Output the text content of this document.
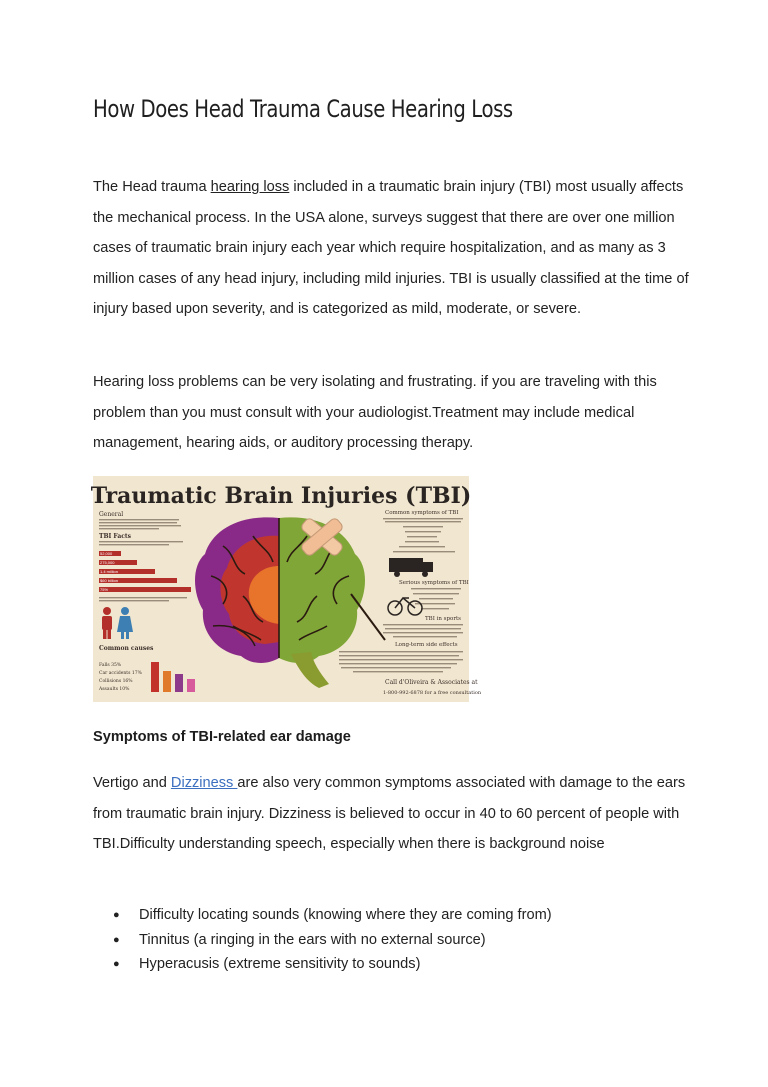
How Does Head Trauma Cause Hearing Loss
The Head trauma hearing loss included in a traumatic brain injury (TBI) most usually affects the mechanical process. In the USA alone, surveys suggest that there are over one million cases of traumatic brain injury each year which require hospitalization, and as many as 3 million cases of any head injury, including mild injuries. TBI is usually classified at the time of injury based upon severity, and is categorized as mild, moderate, or severe.
Hearing loss problems can be very isolating and frustrating. if you are traveling with this problem than you must consult with your audiologist.Treatment may include medical management, hearing aids, or auditory processing therapy.
Traumatic Brain Injuries (TBI)
General
TBI Facts
52,000
275,000
1.4 million
$60 billion
75%
Common causes
Falls 35%
Car accidents 17%
Collisions 16%
Assaults 10%
Common symptoms of TBI
Serious symptoms of TBI
TBI in sports
Long-term side effects
Call d'Oliveira & Associates at
1-800-992-6878 for a free consultation
Symptoms of TBI-related ear damage
Vertigo and Dizziness are also very common symptoms associated with damage to the ears from traumatic brain injury. Dizziness is believed to occur in 40 to 60 percent of people with TBI.Difficulty understanding speech, especially when there is background noise
● Difficulty locating sounds (knowing where they are coming from)
● Tinnitus (a ringing in the ears with no external source)
● Hyperacusis (extreme sensitivity to sounds)
